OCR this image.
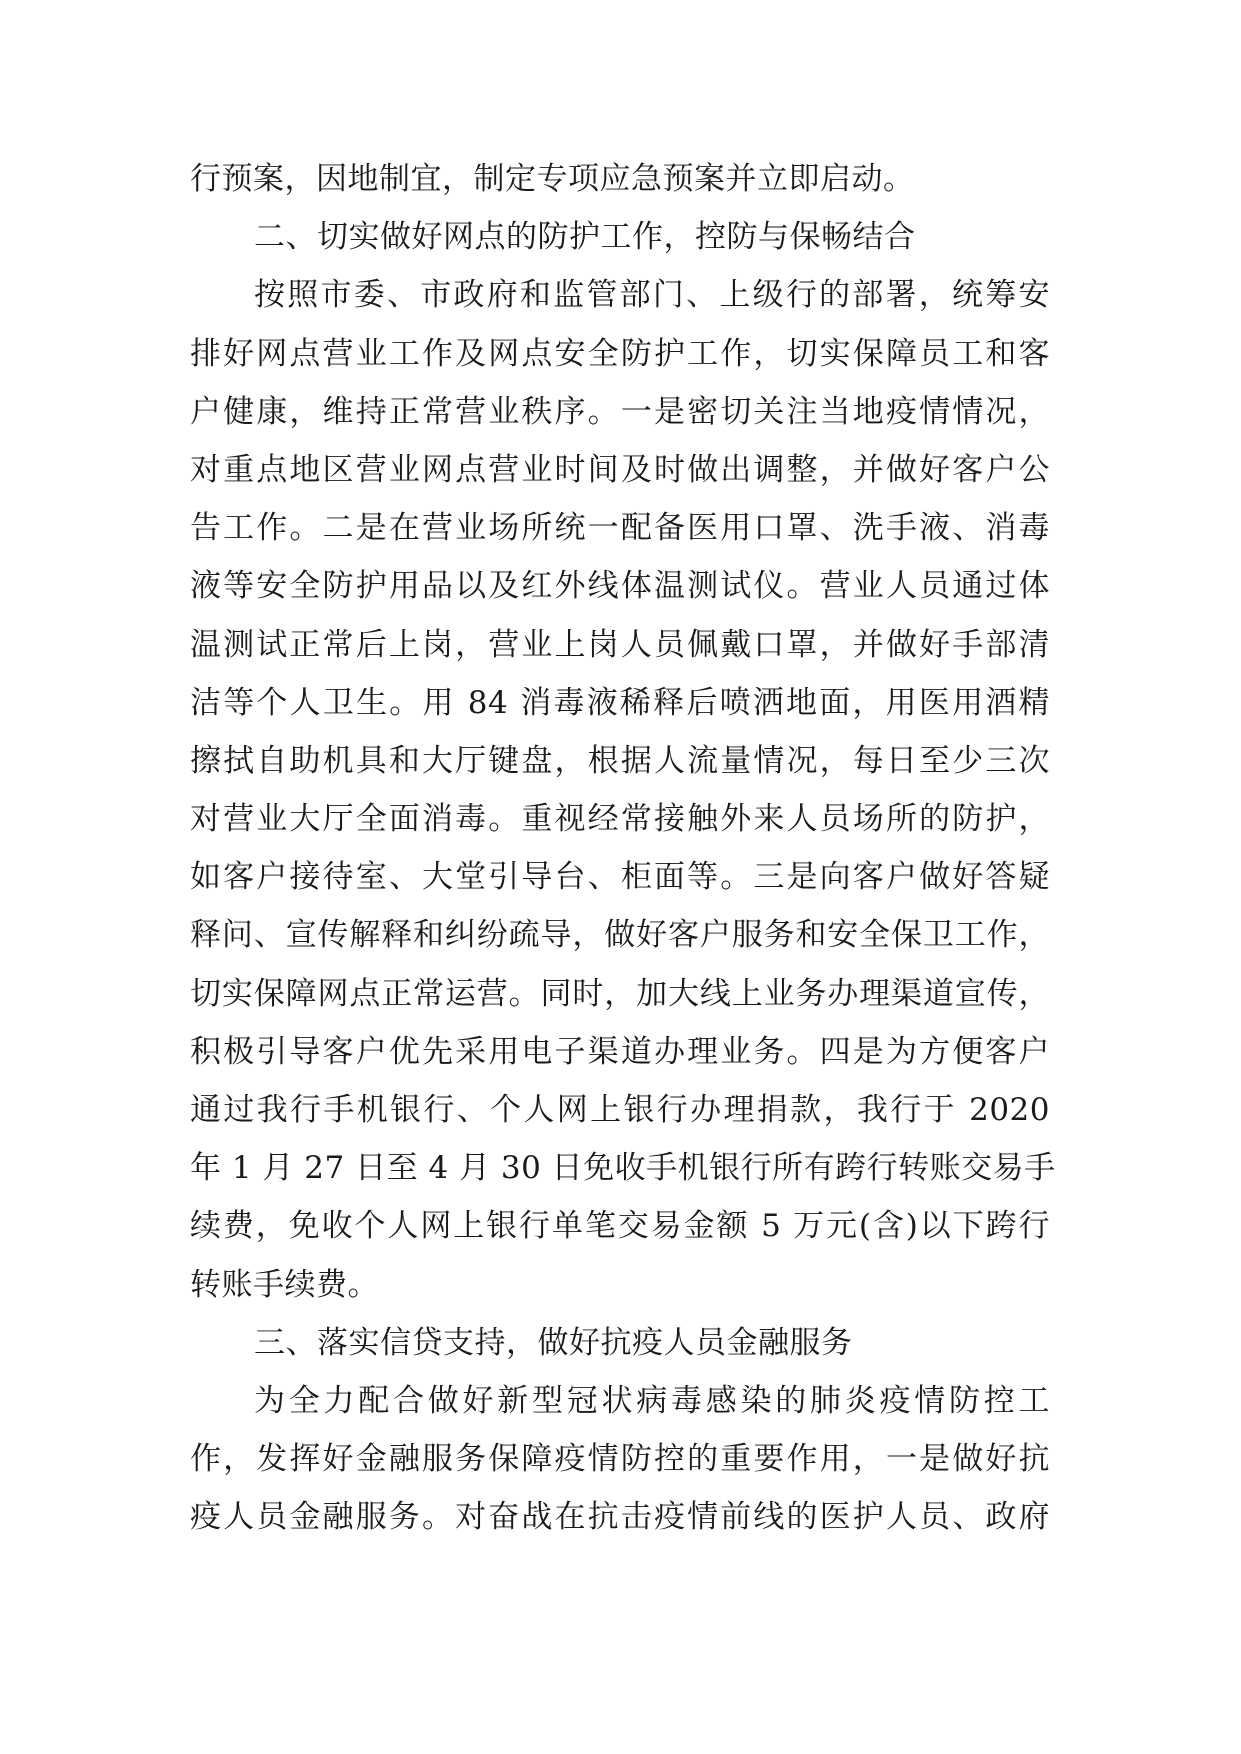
行预案，因地制宜，制定专项应急预案并立即启动。
二、切实做好网点的防护工作，控防与保畅结合
按照市委、市政府和监管部门、上级行的部署，统筹安
排好网点营业工作及网点安全防护工作，切实保障员工和客
户健康，维持正常营业秩序。一是密切关注当地疫情情况，
对重点地区营业网点营业时间及时做出调整，并做好客户公
告工作。二是在营业场所统一配备医用口罩、洗手液、消毒
液等安全防护用品以及红外线体温测试仪。营业人员通过体
温测试正常后上岗，营业上岗人员佩戴口罩，并做好手部清
洁等个人卫生。用 84 消毒液稀释后喷洒地面，用医用酒精
擦拭自助机具和大厅键盘，根据人流量情况，每日至少三次
对营业大厅全面消毒。重视经常接触外来人员场所的防护，
如客户接待室、大堂引导台、柜面等。三是向客户做好答疑
释问、宣传解释和纠纷疏导，做好客户服务和安全保卫工作，
切实保障网点正常运营。同时，加大线上业务办理渠道宣传，
积极引导客户优先采用电子渠道办理业务。四是为方便客户
通过我行手机银行、个人网上银行办理捐款，我行于 2020
年 1 月 27 日至 4 月 30 日免收手机银行所有跨行转账交易手
续费，免收个人网上银行单笔交易金额 5 万元(含)以下跨行
转账手续费。
三、落实信贷支持，做好抗疫人员金融服务
为全力配合做好新型冠状病毒感染的肺炎疫情防控工
作，发挥好金融服务保障疫情防控的重要作用，一是做好抗
疫人员金融服务。对奋战在抗击疫情前线的医护人员、政府
